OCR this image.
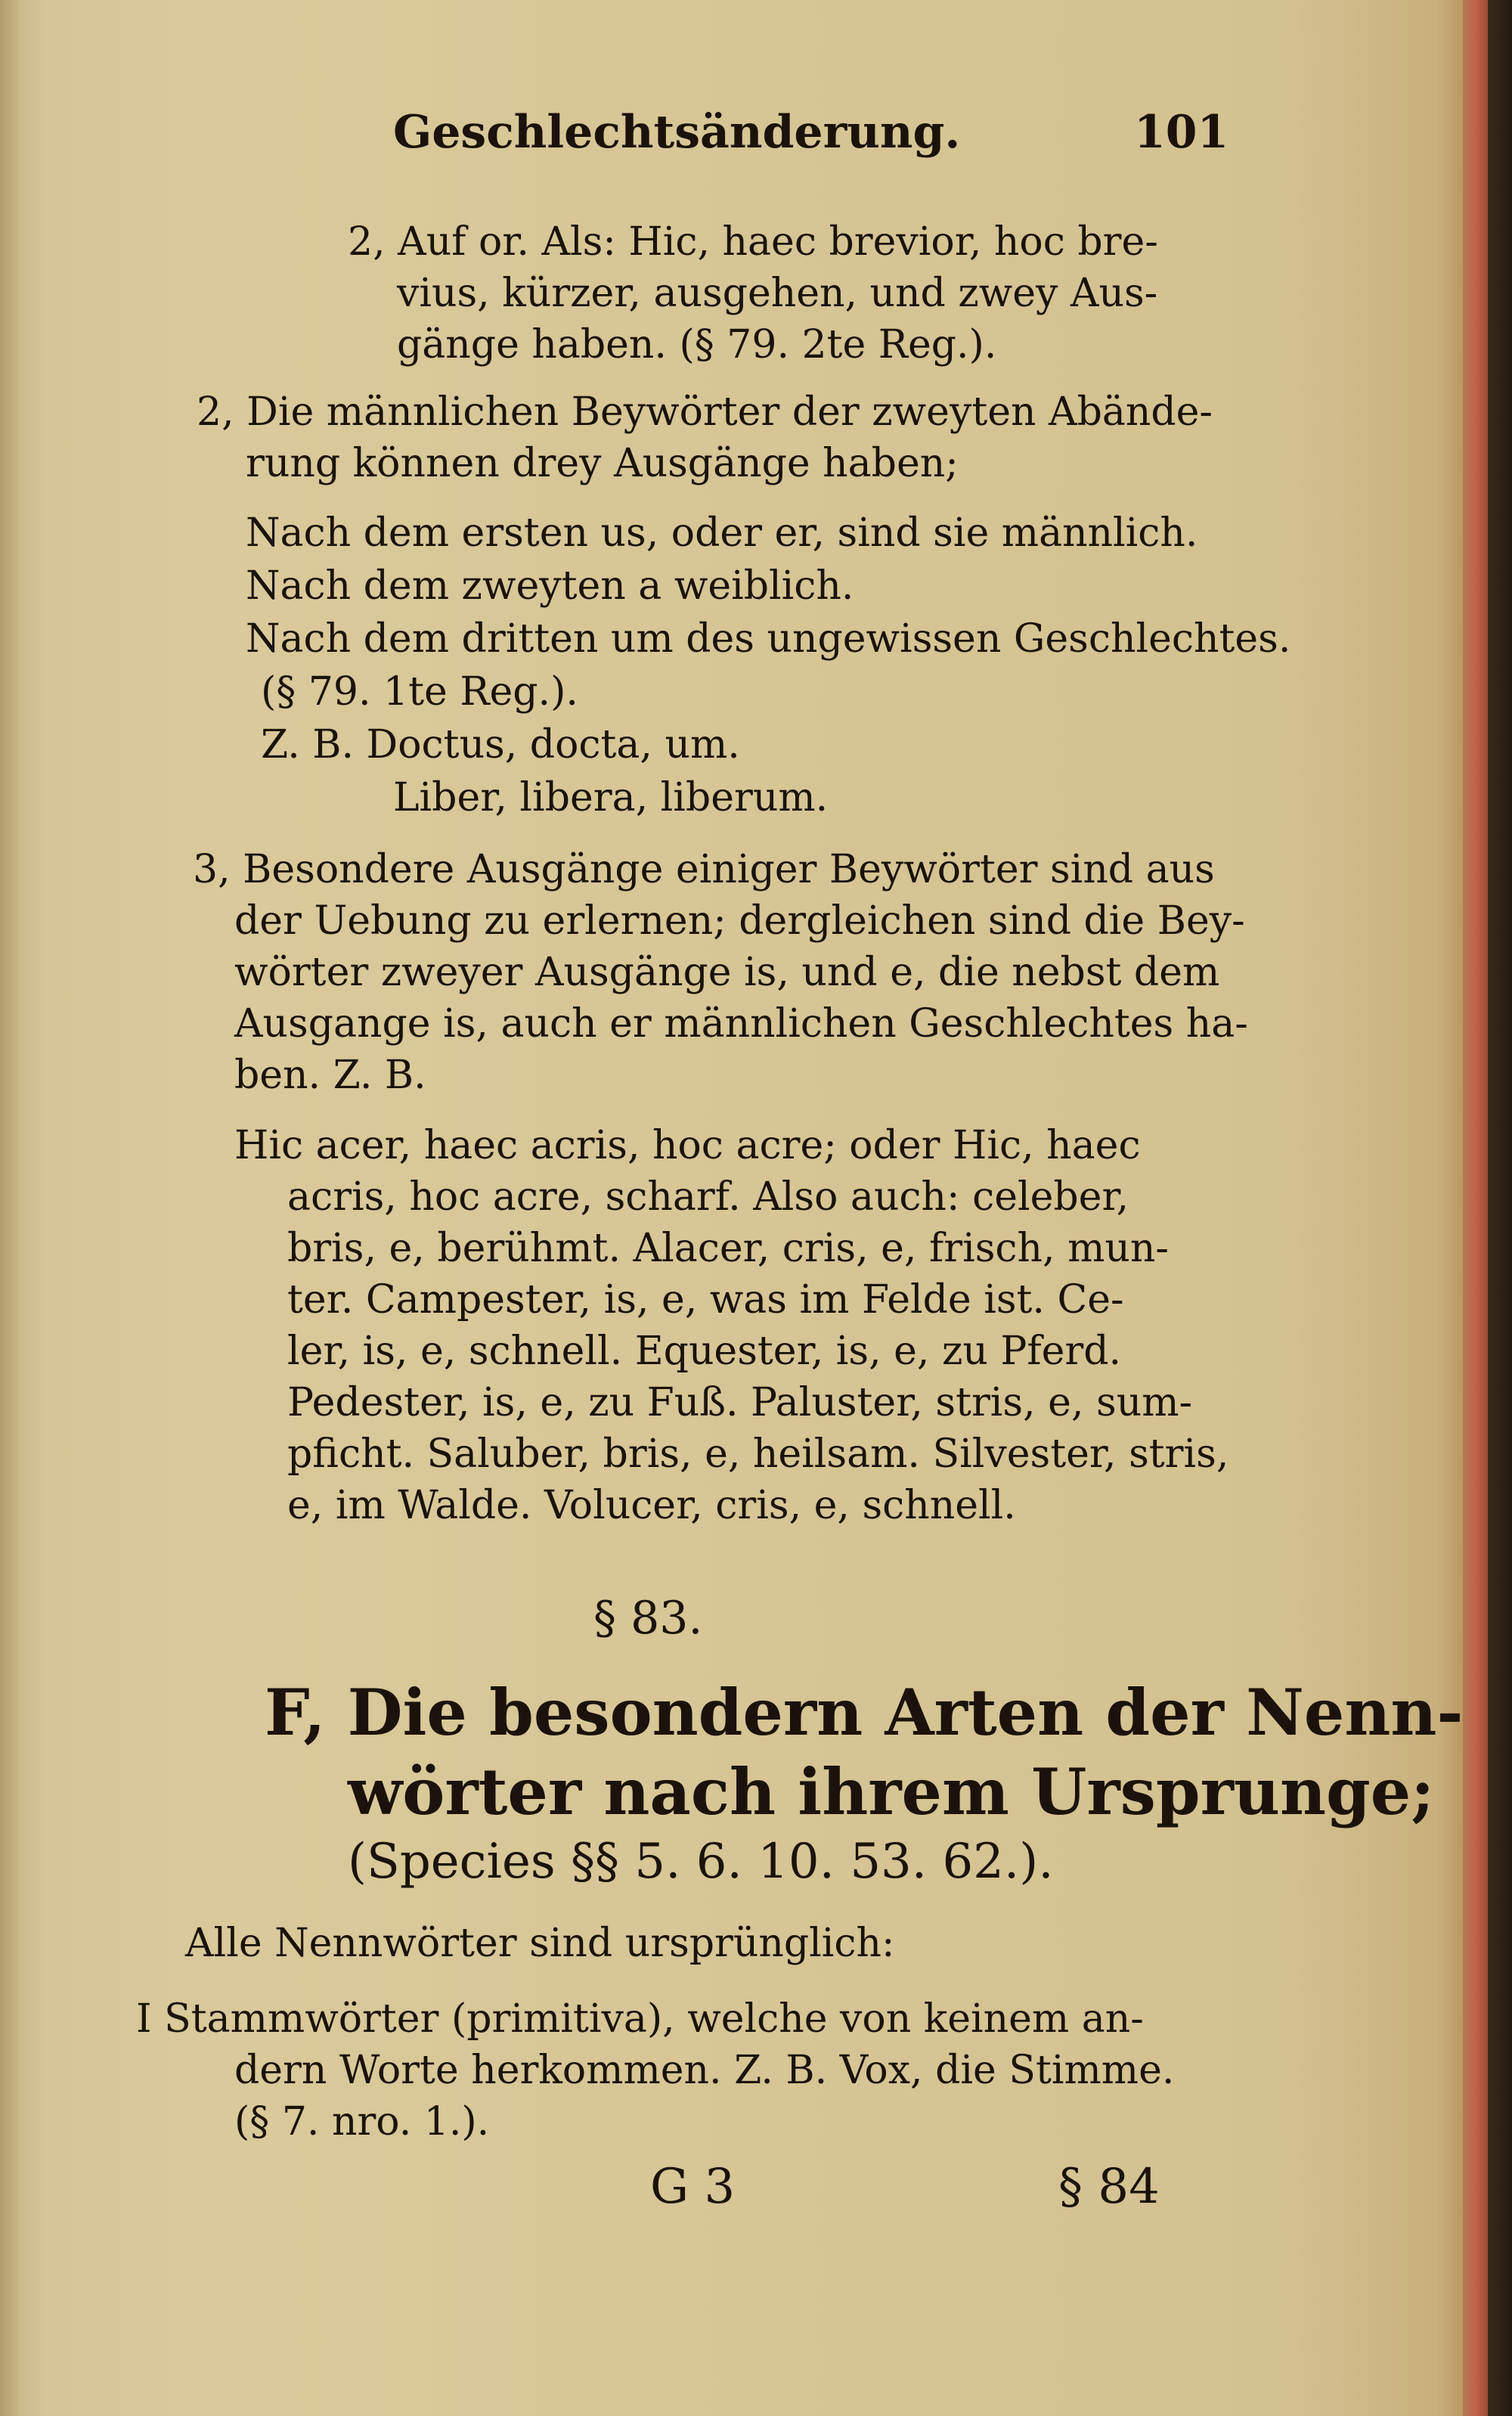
Geschlechtsänderung.	101
2, Auf or. Als: Hic, haec brevior, hoc bre-
vius, kürzer, ausgehen, und zwey Aus-
gänge haben. (§ 79. 2te Reg.).
2, Die männlichen Beywörter der zweyten Abände-
rung können drey Ausgänge haben;
Nach dem ersten us, oder er, sind sie männlich.
Nach dem zweyten a weiblich.
Nach dem dritten um des ungewissen Geschlechtes.
(§ 79. 1te Reg.).
Z. B. Doctus, docta, um.
Liber, libera, liberum.
3, Besondere Ausgänge einiger Beywörter sind aus
der Uebung zu erlernen; dergleichen sind die Bey-
wörter zweyer Ausgänge is, und e, die nebst dem
Ausgange is, auch er männlichen Geschlechtes ha-
ben. Z. B.
Hic acer, haec acris, hoc acre; oder Hic, haec
acris, hoc acre, scharf. Also auch: celeber,
bris, e, berühmt. Alacer, cris, e, frisch, mun-
ter. Campester, is, e, was im Felde ist. Ce-
ler, is, e, schnell. Equester, is, e, zu Pferd.
Pedester, is, e, zu Fuß. Paluster, stris, e, sum-
pficht. Saluber, bris, e, heilsam. Silvester, stris,
e, im Walde. Volucer, cris, e, schnell.
§ 83.
F, Die besondern Arten der Nenn-
wörter nach ihrem Ursprunge;
(Species §§ 5. 6. 10. 53. 62.).
Alle Nennwörter sind ursprünglich:
I Stammwörter (primitiva), welche von keinem an-
dern Worte herkommen. Z. B. Vox, die Stimme.
(§ 7. nro. 1.).
G 3	§ 84
